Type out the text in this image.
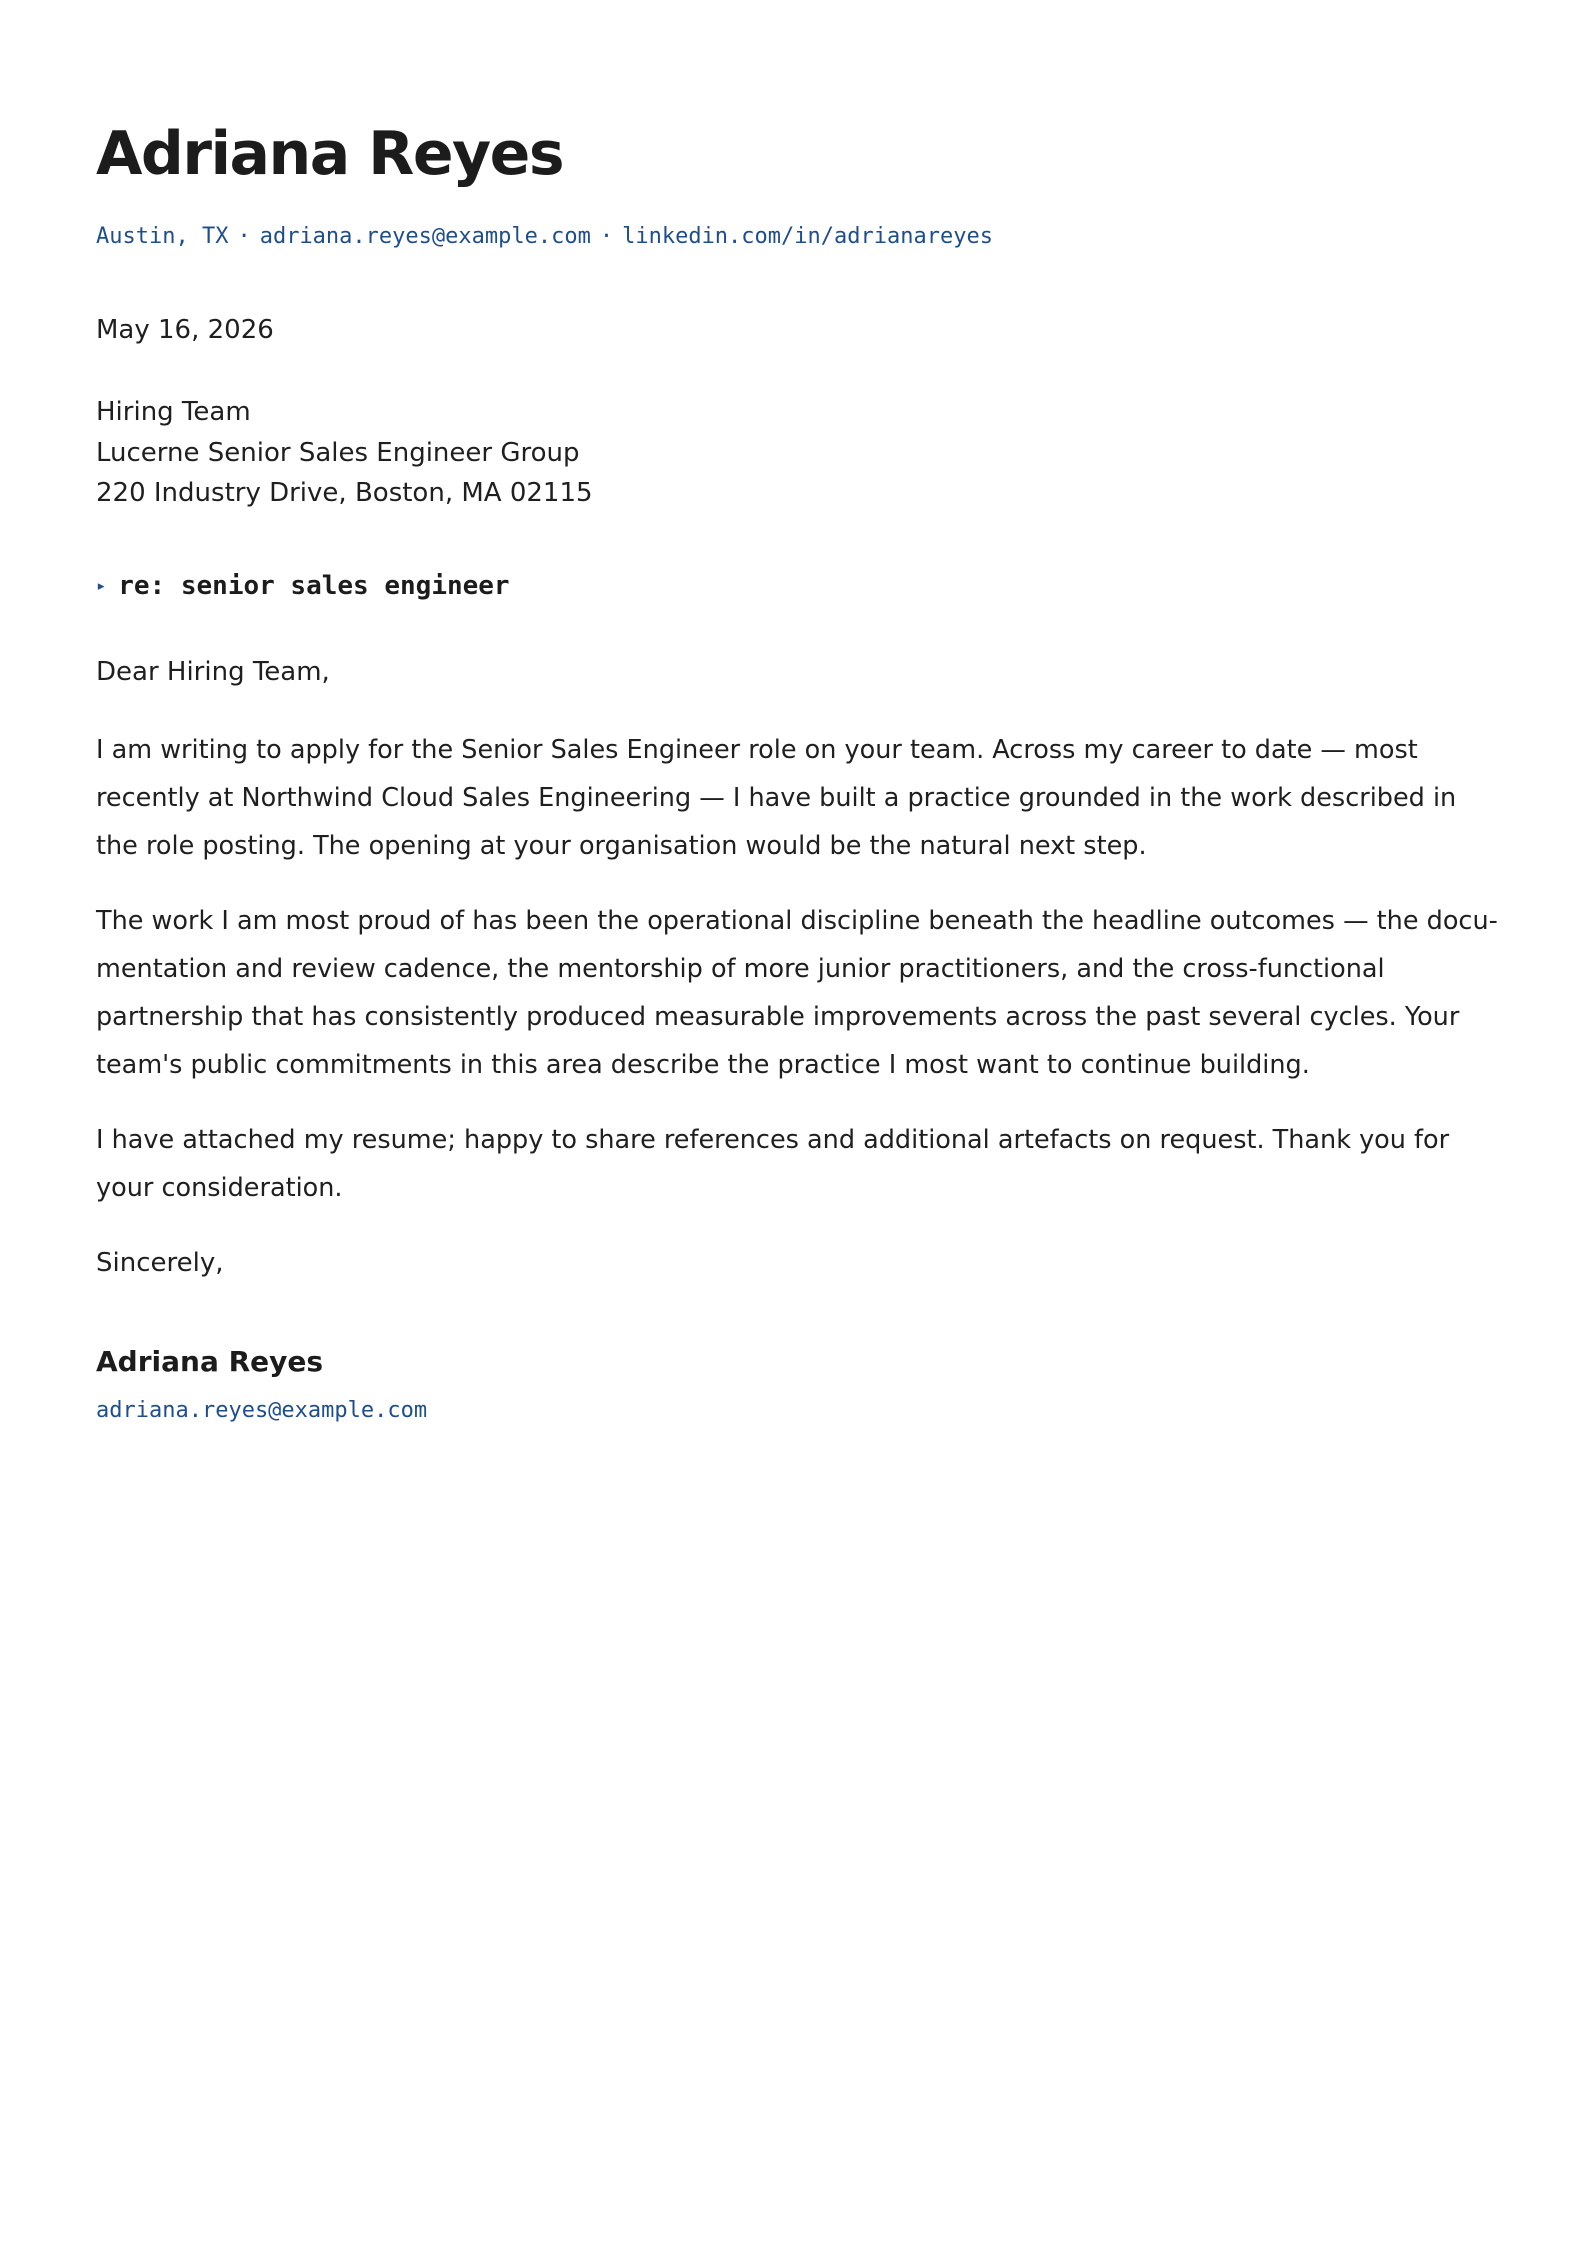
Adriana Reyes
Austin, TX · adriana.reyes@example.com · linkedin.com/in/adrianareyes
May 16, 2026
Hiring Team
Lucerne Senior Sales Engineer Group
220 Industry Drive, Boston, MA 02115
▸ re: senior sales engineer
Dear Hiring Team,

I am writing to apply for the Senior Sales Engineer role on your team. Across my career to date — most recently at Northwind Cloud Sales Engineering — I have built a practice grounded in the work described in the role posting. The opening at your organisation would be the natural next step.

The work I am most proud of has been the operational discipline beneath the headline outcomes — the documentation and review cadence, the mentorship of more junior practitioners, and the cross-functional partnership that has consistently produced measurable improvements across the past several cycles. Your team's public commitments in this area describe the practice I most want to continue building.

I have attached my resume; happy to share references and additional artefacts on request. Thank you for your consideration.

Sincerely,
Adriana Reyes
adriana.reyes@example.com
